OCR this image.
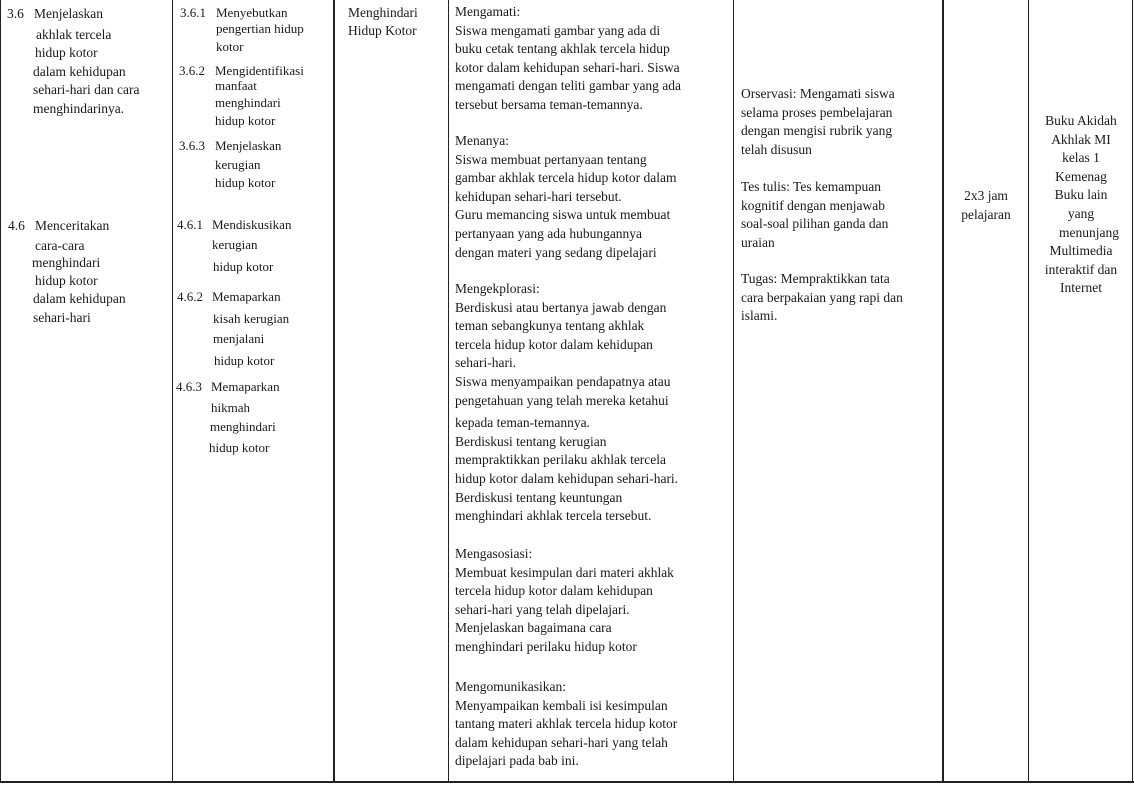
3.6 Menjelaskan
akhlak tercela
hidup kotor
dalam kehidupan
sehari-hari dan cara
menghindarinya.
4.6 Menceritakan
cara-cara
menghindari
hidup kotor
dalam kehidupan
sehari-hari
3.6.1 Menyebutkan
pengertian hidup
kotor
3.6.2 Mengidentifikasi
manfaat
menghindari
hidup kotor
3.6.3 Menjelaskan
kerugian
hidup kotor
4.6.1 Mendiskusikan
kerugian
hidup kotor
4.6.2 Memaparkan
kisah kerugian
menjalani
hidup kotor
4.6.3 Memaparkan
hikmah
menghindari
hidup kotor
Menghindari
Hidup Kotor
Mengamati:
Siswa mengamati gambar yang ada di
buku cetak tentang akhlak tercela hidup
kotor dalam kehidupan sehari-hari. Siswa
mengamati dengan teliti gambar yang ada
tersebut bersama teman-temannya.
Menanya:
Siswa membuat pertanyaan tentang
gambar akhlak tercela hidup kotor dalam
kehidupan sehari-hari tersebut.
Guru memancing siswa untuk membuat
pertanyaan yang ada hubungannya
dengan materi yang sedang dipelajari
Mengekplorasi:
Berdiskusi atau bertanya jawab dengan
teman sebangkunya tentang akhlak
tercela hidup kotor dalam kehidupan
sehari-hari.
Siswa menyampaikan pendapatnya atau
pengetahuan yang telah mereka ketahui
kepada teman-temannya.
Berdiskusi tentang kerugian
mempraktikkan perilaku akhlak tercela
hidup kotor dalam kehidupan sehari-hari.
Berdiskusi tentang keuntungan
menghindari akhlak tercela tersebut.
Mengasosiasi:
Membuat kesimpulan dari materi akhlak
tercela hidup kotor dalam kehidupan
sehari-hari yang telah dipelajari.
Menjelaskan bagaimana cara
menghindari perilaku hidup kotor
Mengomunikasikan:
Menyampaikan kembali isi kesimpulan
tantang materi akhlak tercela hidup kotor
dalam kehidupan sehari-hari yang telah
dipelajari pada bab ini.
Orservasi: Mengamati siswa
selama proses pembelajaran
dengan mengisi rubrik yang
telah disusun
Tes tulis: Tes kemampuan
kognitif dengan menjawab
soal-soal pilihan ganda dan
uraian
Tugas: Mempraktikkan tata
cara berpakaian yang rapi dan
islami.
2x3 jam
pelajaran
Buku Akidah
Akhlak MI
kelas 1
Kemenag
Buku lain
yang
menunjang
Multimedia
interaktif dan
Internet
